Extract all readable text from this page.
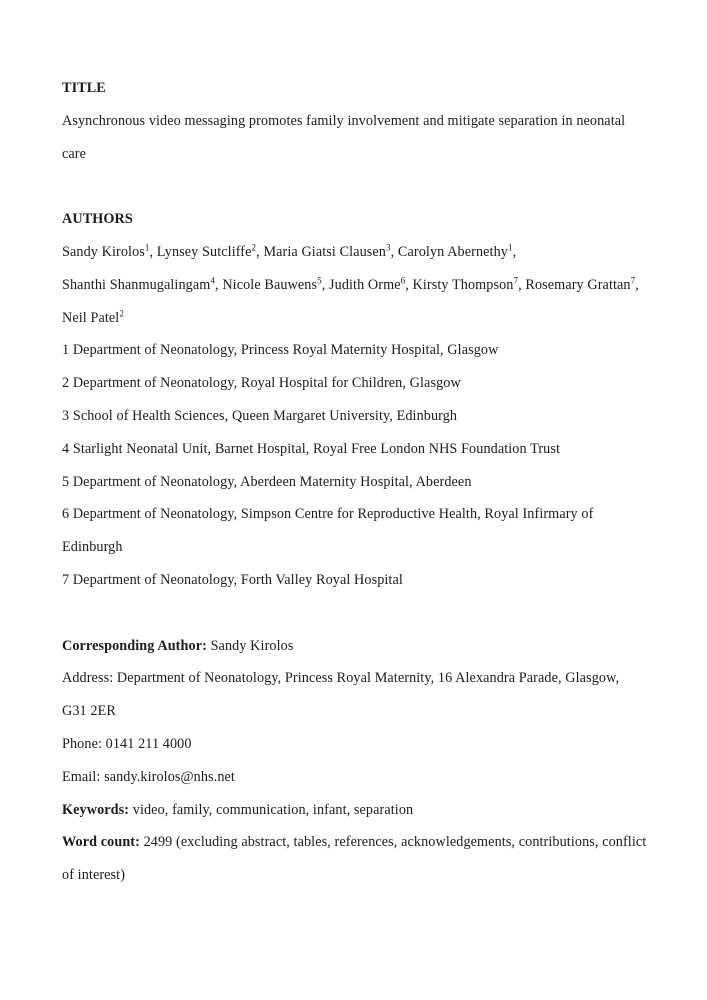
TITLE
Asynchronous video messaging promotes family involvement and mitigate separation in neonatal
care
AUTHORS
Sandy Kirolos$^1$, Lynsey Sutcliffe$^2$, Maria Giatsi Clausen$^3$, Carolyn Abernethy$^1$,
Shanthi Shanmugalingam$^4$, Nicole Bauwens$^5$, Judith Orme$^6$, Kirsty Thompson$^7$, Rosemary Grattan$^7$,
Neil Patel$^2$
1 Department of Neonatology, Princess Royal Maternity Hospital, Glasgow
2 Department of Neonatology, Royal Hospital for Children, Glasgow
3 School of Health Sciences, Queen Margaret University, Edinburgh
4 Starlight Neonatal Unit, Barnet Hospital, Royal Free London NHS Foundation Trust
5 Department of Neonatology, Aberdeen Maternity Hospital, Aberdeen
6 Department of Neonatology, Simpson Centre for Reproductive Health, Royal Infirmary of
Edinburgh
7 Department of Neonatology, Forth Valley Royal Hospital
Corresponding Author: Sandy Kirolos
Address: Department of Neonatology, Princess Royal Maternity, 16 Alexandra Parade, Glasgow,
G31 2ER
Phone: 0141 211 4000
Email: sandy.kirolos@nhs.net
Keywords: video, family, communication, infant, separation
Word count: 2499 (excluding abstract, tables, references, acknowledgements, contributions, conflict
of interest)
